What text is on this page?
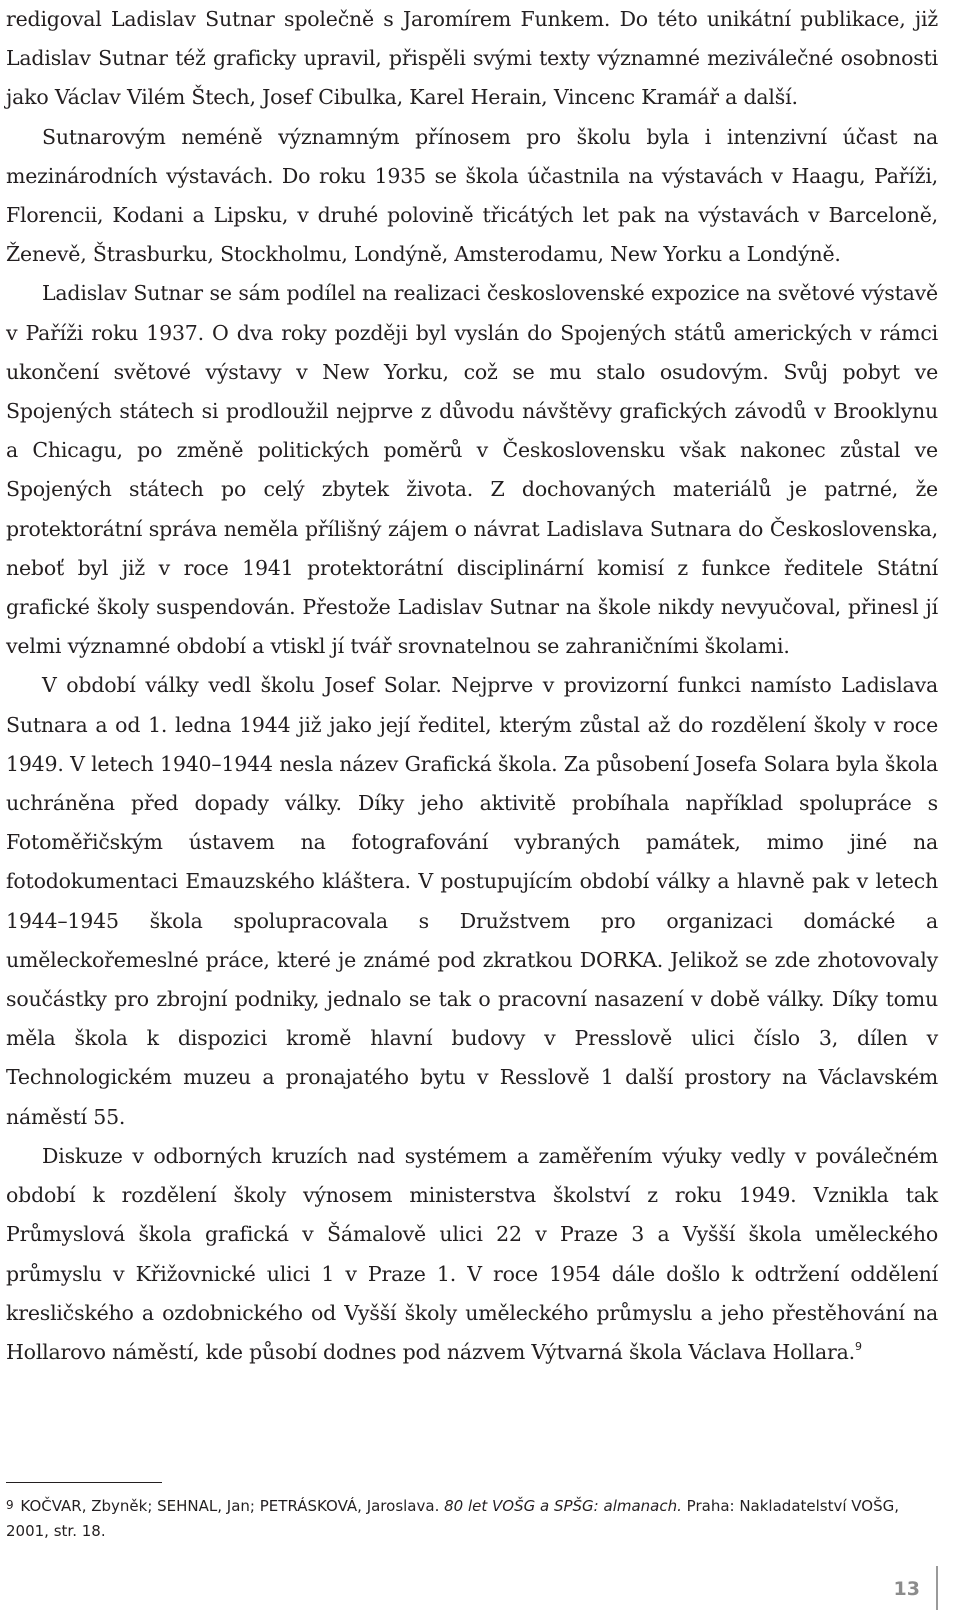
redigoval Ladislav Sutnar společně s Jaromírem Funkem. Do této unikátní publikace, již Ladislav Sutnar též graficky upravil, přispěli svými texty významné meziválečné osobnosti jako Václav Vilém Štech, Josef Cibulka, Karel Herain, Vincenc Kramář a další.

Sutnarovým neméně významným přínosem pro školu byla i intenzivní účast na mezinárodních výstavách. Do roku 1935 se škola účastnila na výstavách v Haagu, Paříži, Florencii, Kodani a Lipsku, v druhé polovině třicátých let pak na výstavách v Barceloně, Ženevě, Štrasburku, Stockholmu, Londýně, Amsterodamu, New Yorku a Londýně.

Ladislav Sutnar se sám podílel na realizaci československé expozice na světové výstavě v Paříži roku 1937. O dva roky později byl vyslán do Spojených států amerických v rámci ukončení světové výstavy v New Yorku, což se mu stalo osudovým. Svůj pobyt ve Spojených státech si prodloužil nejprve z důvodu návštěvy grafických závodů v Brooklynu a Chicagu, po změně politických poměrů v Československu však nakonec zůstal ve Spojených státech po celý zbytek života. Z dochovaných materiálů je patrné, že protektorátní správa neměla přílišný zájem o návrat Ladislava Sutnara do Československa, neboť byl již v roce 1941 protektorátní disciplinární komisí z funkce ředitele Státní grafické školy suspendován. Přestože Ladislav Sutnar na škole nikdy nevyučoval, přinesl jí velmi významné období a vtiskl jí tvář srovnatelnou se zahraničními školami.

V období války vedl školu Josef Solar. Nejprve v provizorní funkci namísto Ladislava Sutnara a od 1. ledna 1944 již jako její ředitel, kterým zůstal až do rozdělení školy v roce 1949. V letech 1940–1944 nesla název Grafická škola. Za působení Josefa Solara byla škola uchráněna před dopady války. Díky jeho aktivitě probíhala například spolupráce s Fotoměřičským ústavem na fotografování vybraných památek, mimo jiné na fotodokumentaci Emauzského kláštera. V postupujícím období války a hlavně pak v letech 1944–1945 škola spolupracovala s Družstvem pro organizaci domácké a uměleckořemeslné práce, které je známé pod zkratkou DORKA. Jelikož se zde zhotovovaly součástky pro zbrojní podniky, jednalo se tak o pracovní nasazení v době války. Díky tomu měla škola k dispozici kromě hlavní budovy v Presslově ulici číslo 3, dílen v Technologickém muzeu a pronajatého bytu v Resslově 1 další prostory na Václavském náměstí 55.

Diskuze v odborných kruzích nad systémem a zaměřením výuky vedly v poválečném období k rozdělení školy výnosem ministerstva školství z roku 1949. Vznikla tak Průmyslová škola grafická v Šámalově ulici 22 v Praze 3 a Vyšší škola uměleckého průmyslu v Křižovnické ulici 1 v Praze 1. V roce 1954 dále došlo k odtržení oddělení kresličského a ozdobnického od Vyšší školy uměleckého průmyslu a jeho přestěhování na Hollarovo náměstí, kde působí dodnes pod názvem Výtvarná škola Václava Hollara.$^9$

9 KOČVAR, Zbyněk; SEHNAL, Jan; PETRÁSKOVÁ, Jaroslava. 80 let VOŠG a SPŠG: almanach. Praha: Nakladatelství VOŠG, 2001, str. 18.

13
